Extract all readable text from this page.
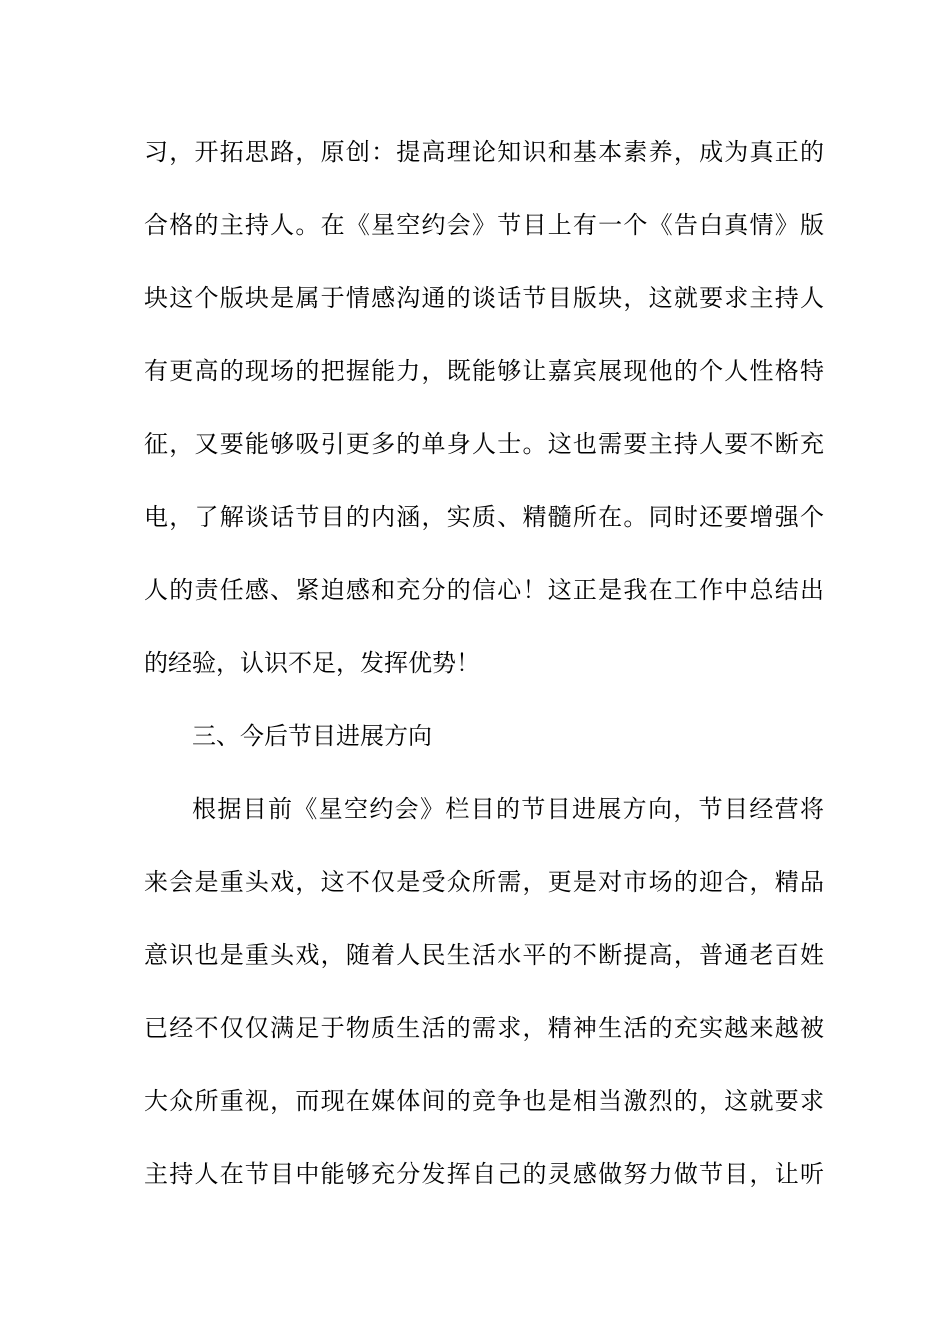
习，开拓思路，原创：提高理论知识和基本素养，成为真正的
合格的主持人。在《星空约会》节目上有一个《告白真情》版
块这个版块是属于情感沟通的谈话节目版块，这就要求主持人
有更高的现场的把握能力，既能够让嘉宾展现他的个人性格特
征，又要能够吸引更多的单身人士。这也需要主持人要不断充
电，了解谈话节目的内涵，实质、精髓所在。同时还要增强个
人的责任感、紧迫感和充分的信心！这正是我在工作中总结出
的经验，认识不足，发挥优势！
三、今后节目进展方向
根据目前《星空约会》栏目的节目进展方向，节目经营将
来会是重头戏，这不仅是受众所需，更是对市场的迎合，精品
意识也是重头戏，随着人民生活水平的不断提高，普通老百姓
已经不仅仅满足于物质生活的需求，精神生活的充实越来越被
大众所重视，而现在媒体间的竞争也是相当激烈的，这就要求
主持人在节目中能够充分发挥自己的灵感做努力做节目，让听
